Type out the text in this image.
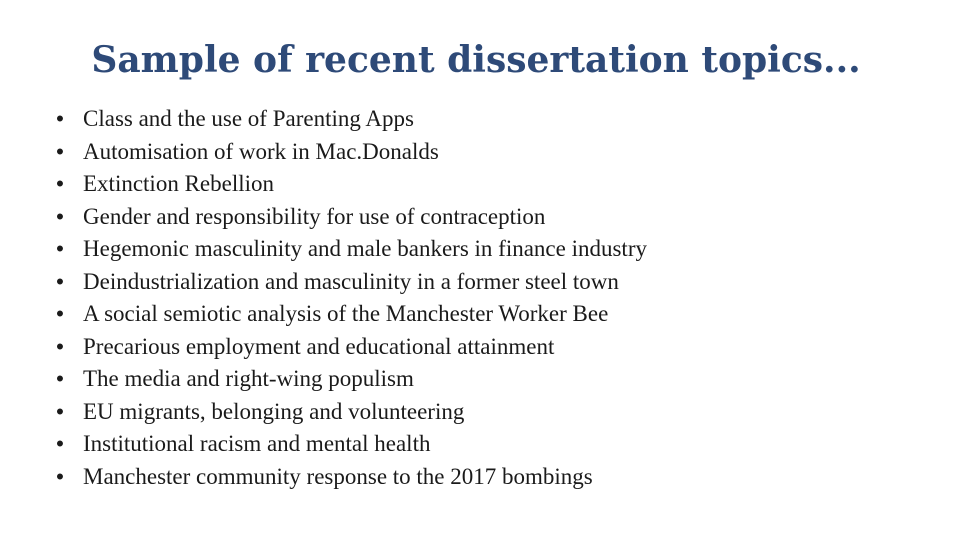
Sample of recent dissertation topics...
• Class and the use of Parenting Apps
• Automisation of work in Mac.Donalds
• Extinction Rebellion
• Gender and responsibility for use of contraception
• Hegemonic masculinity and male bankers in finance industry
• Deindustrialization and masculinity in a former steel town
• A social semiotic analysis of the Manchester Worker Bee
• Precarious employment and educational attainment
• The media and right-wing populism
• EU migrants, belonging and volunteering
• Institutional racism and mental health
• Manchester community response to the 2017 bombings
